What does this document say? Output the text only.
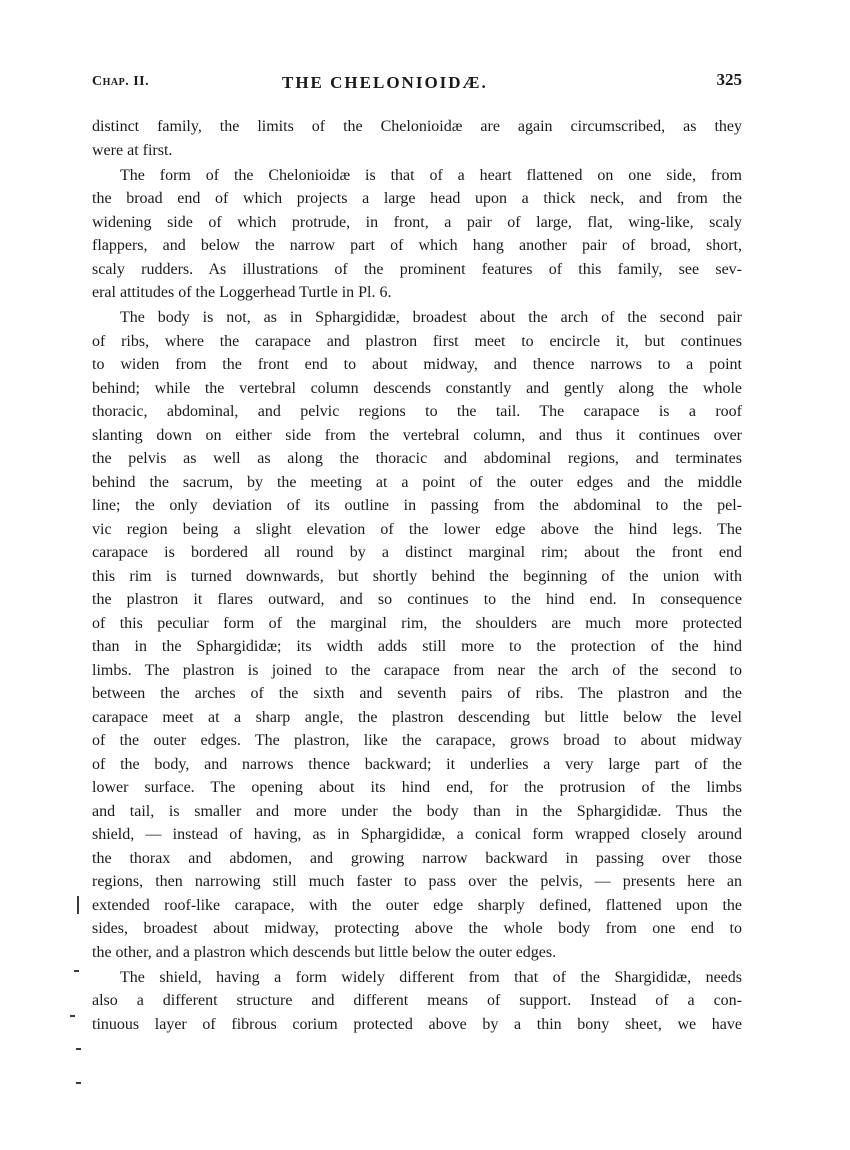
Chap. II.	THE CHELONIOIDÆ.	325
distinct family, the limits of the Chelonioidæ are again circumscribed, as they
were at first.
The form of the Chelonioidæ is that of a heart flattened on one side, from
the broad end of which projects a large head upon a thick neck, and from the
widening side of which protrude, in front, a pair of large, flat, wing-like, scaly
flappers, and below the narrow part of which hang another pair of broad, short,
scaly rudders. As illustrations of the prominent features of this family, see sev-
eral attitudes of the Loggerhead Turtle in Pl. 6.
The body is not, as in Sphargididæ, broadest about the arch of the second pair
of ribs, where the carapace and plastron first meet to encircle it, but continues
to widen from the front end to about midway, and thence narrows to a point
behind; while the vertebral column descends constantly and gently along the whole
thoracic, abdominal, and pelvic regions to the tail. The carapace is a roof
slanting down on either side from the vertebral column, and thus it continues over
the pelvis as well as along the thoracic and abdominal regions, and terminates
behind the sacrum, by the meeting at a point of the outer edges and the middle
line; the only deviation of its outline in passing from the abdominal to the pel-
vic region being a slight elevation of the lower edge above the hind legs. The
carapace is bordered all round by a distinct marginal rim; about the front end
this rim is turned downwards, but shortly behind the beginning of the union with
the plastron it flares outward, and so continues to the hind end. In consequence
of this peculiar form of the marginal rim, the shoulders are much more protected
than in the Sphargididæ; its width adds still more to the protection of the hind
limbs. The plastron is joined to the carapace from near the arch of the second to
between the arches of the sixth and seventh pairs of ribs. The plastron and the
carapace meet at a sharp angle, the plastron descending but little below the level
of the outer edges. The plastron, like the carapace, grows broad to about midway
of the body, and narrows thence backward; it underlies a very large part of the
lower surface. The opening about its hind end, for the protrusion of the limbs
and tail, is smaller and more under the body than in the Sphargididæ. Thus the
shield, — instead of having, as in Sphargididæ, a conical form wrapped closely around
the thorax and abdomen, and growing narrow backward in passing over those
regions, then narrowing still much faster to pass over the pelvis, — presents here an
extended roof-like carapace, with the outer edge sharply defined, flattened upon the
sides, broadest about midway, protecting above the whole body from one end to
the other, and a plastron which descends but little below the outer edges.
The shield, having a form widely different from that of the Shargididæ, needs
also a different structure and different means of support. Instead of a con-
tinuous layer of fibrous corium protected above by a thin bony sheet, we have
